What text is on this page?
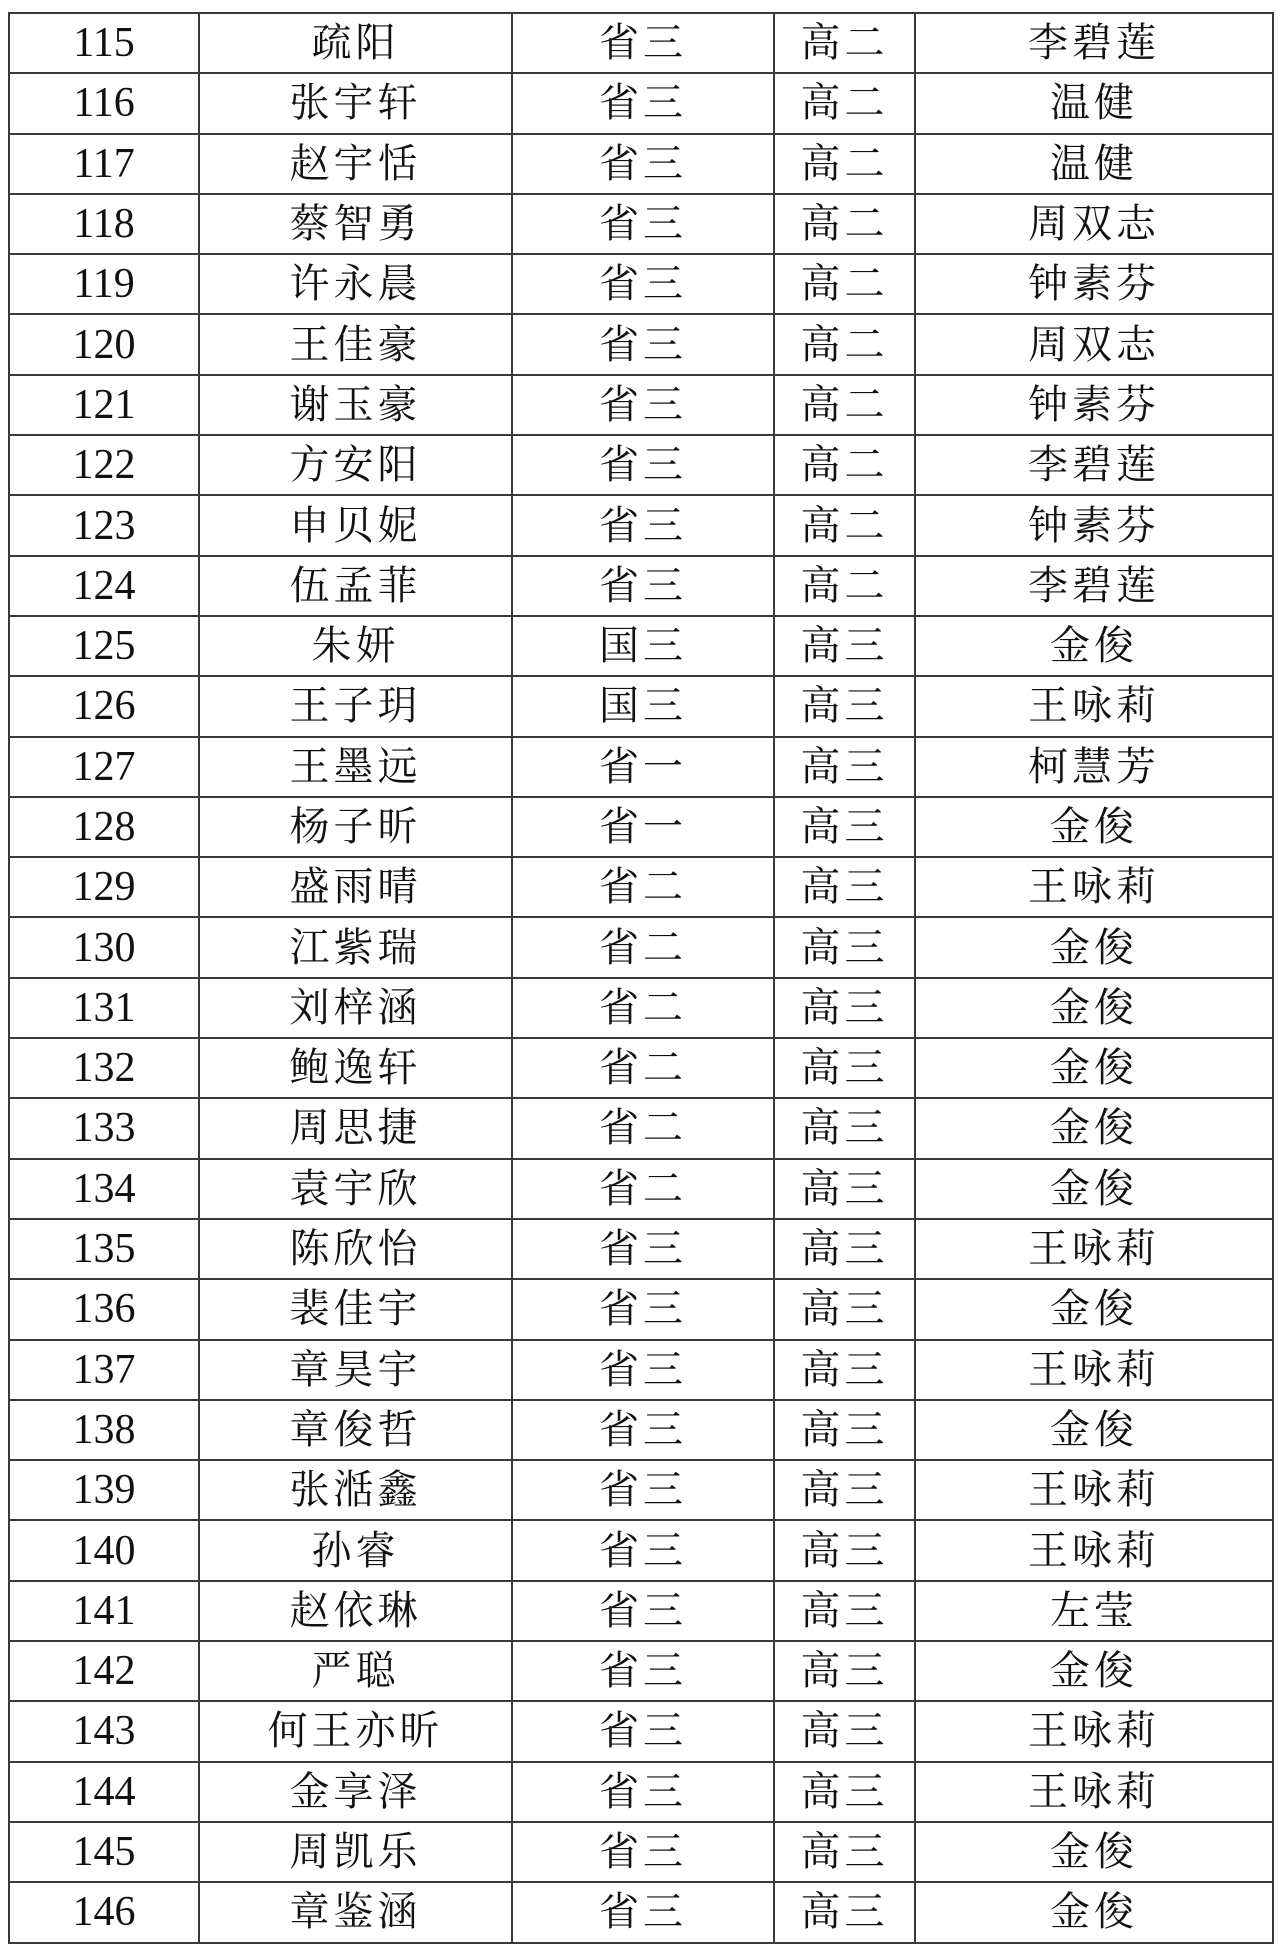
115	疏阳	省三	高二	李碧莲
116	张宇轩	省三	高二	温健
117	赵宇恬	省三	高二	温健
118	蔡智勇	省三	高二	周双志
119	许永晨	省三	高二	钟素芬
120	王佳豪	省三	高二	周双志
121	谢玉豪	省三	高二	钟素芬
122	方安阳	省三	高二	李碧莲
123	申贝妮	省三	高二	钟素芬
124	伍孟菲	省三	高二	李碧莲
125	朱妍	国三	高三	金俊
126	王子玥	国三	高三	王咏莉
127	王墨远	省一	高三	柯慧芳
128	杨子昕	省一	高三	金俊
129	盛雨晴	省二	高三	王咏莉
130	江紫瑞	省二	高三	金俊
131	刘梓涵	省二	高三	金俊
132	鲍逸轩	省二	高三	金俊
133	周思捷	省二	高三	金俊
134	袁宇欣	省二	高三	金俊
135	陈欣怡	省三	高三	王咏莉
136	裴佳宇	省三	高三	金俊
137	章昊宇	省三	高三	王咏莉
138	章俊哲	省三	高三	金俊
139	张湉鑫	省三	高三	王咏莉
140	孙睿	省三	高三	王咏莉
141	赵依琳	省三	高三	左莹
142	严聪	省三	高三	金俊
143	何王亦昕	省三	高三	王咏莉
144	金享泽	省三	高三	王咏莉
145	周凯乐	省三	高三	金俊
146	章鉴涵	省三	高三	金俊
